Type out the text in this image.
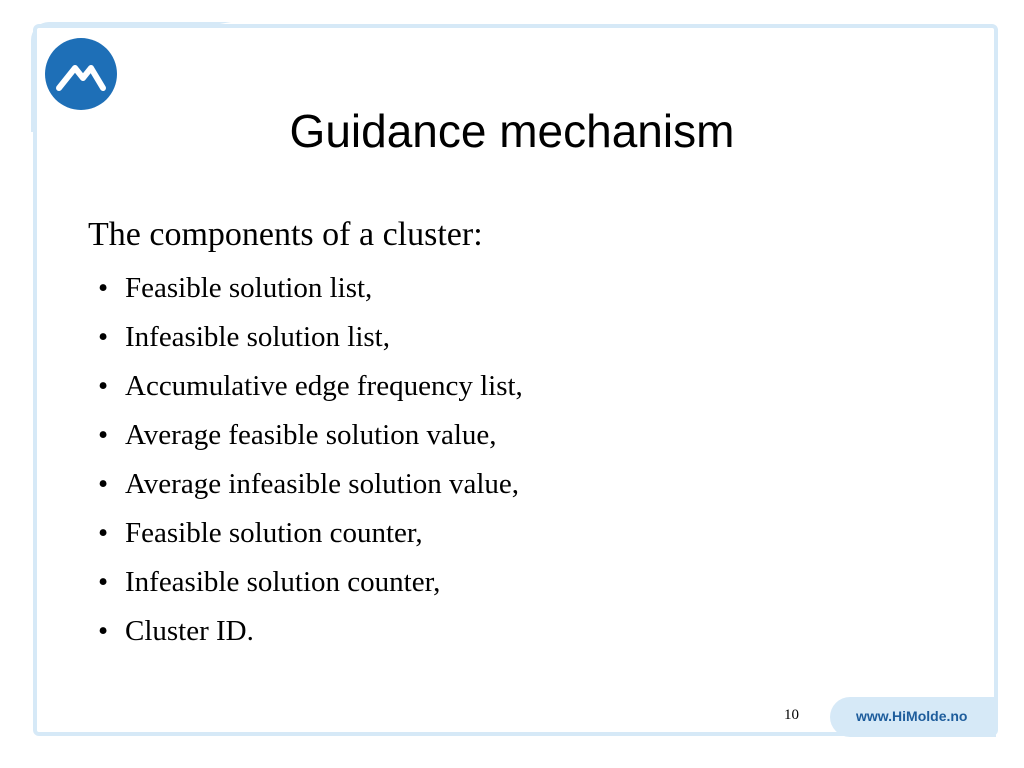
Guidance mechanism
The components of a cluster:
• Feasible solution list,
• Infeasible solution list,
• Accumulative edge frequency list,
• Average feasible solution value,
• Average infeasible solution value,
• Feasible solution counter,
• Infeasible solution counter,
• Cluster ID.
10	www.HiMolde.no
